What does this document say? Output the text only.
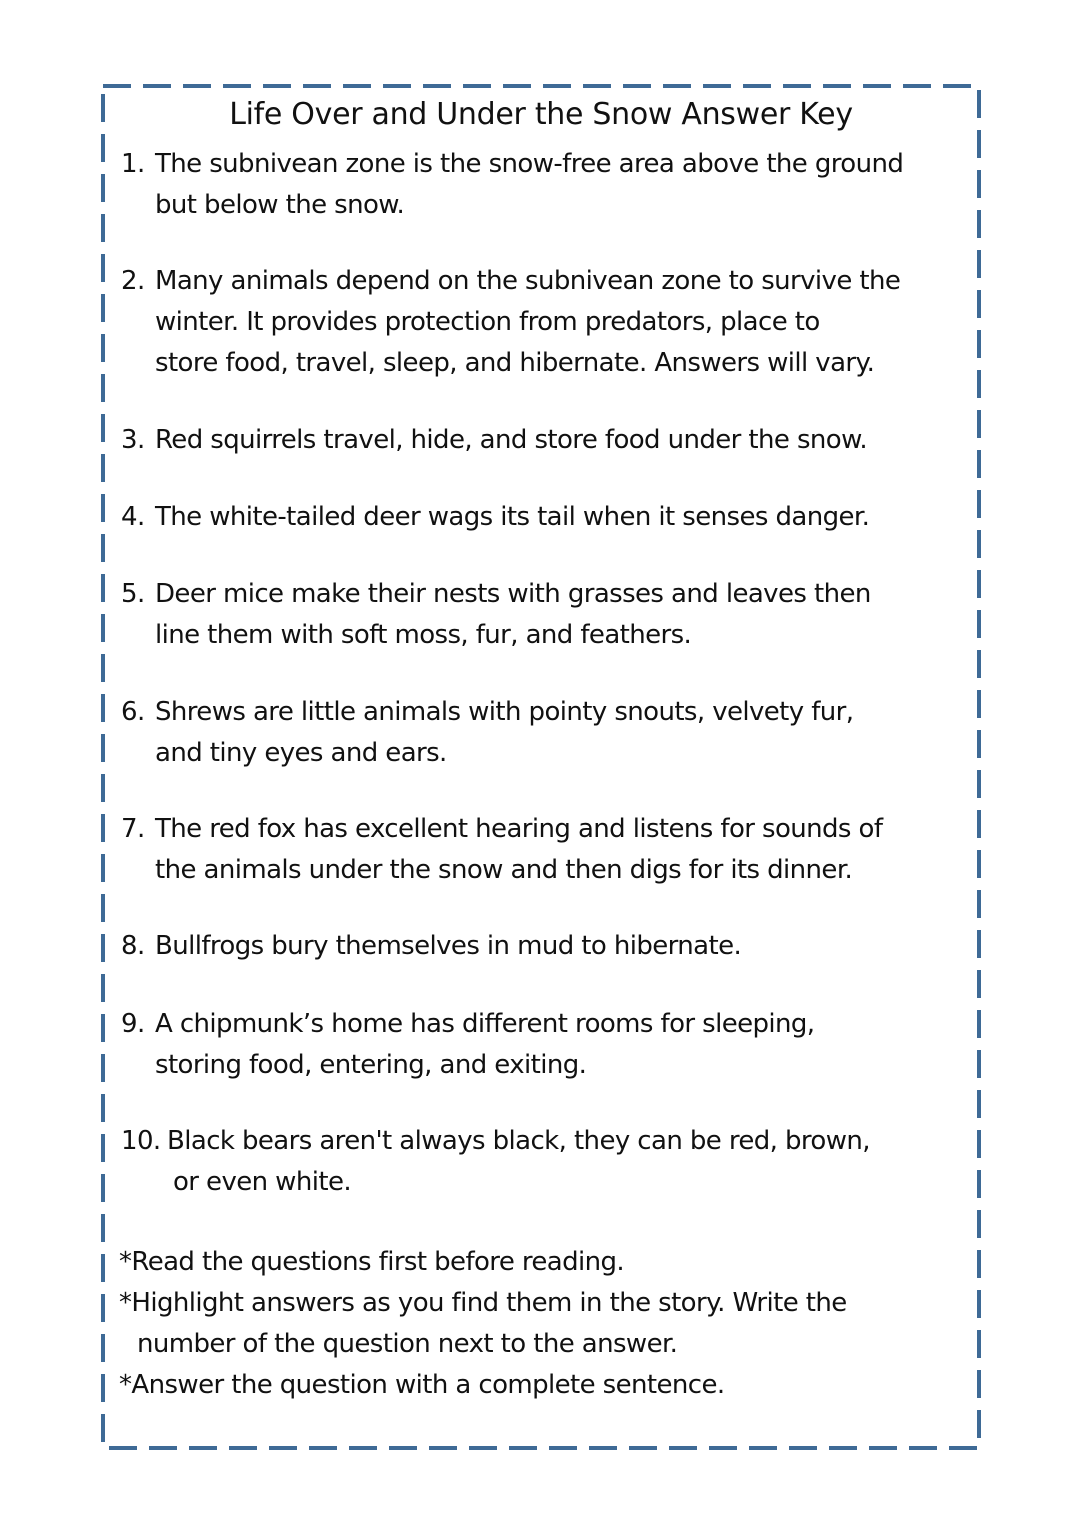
Life Over and Under the Snow Answer Key
1. The subnivean zone is the snow-free area above the ground
but below the snow.
2. Many animals depend on the subnivean zone to survive the
winter. It provides protection from predators, place to
store food, travel, sleep, and hibernate. Answers will vary.
3. Red squirrels travel, hide, and store food under the snow.
4. The white-tailed deer wags its tail when it senses danger.
5. Deer mice make their nests with grasses and leaves then
line them with soft moss, fur, and feathers.
6. Shrews are little animals with pointy snouts, velvety fur,
and tiny eyes and ears.
7. The red fox has excellent hearing and listens for sounds of
the animals under the snow and then digs for its dinner.
8. Bullfrogs bury themselves in mud to hibernate.
9. A chipmunk’s home has different rooms for sleeping,
storing food, entering, and exiting.
10. Black bears aren't always black, they can be red, brown,
or even white.
*Read the questions first before reading.
*Highlight answers as you find them in the story. Write the
number of the question next to the answer.
*Answer the question with a complete sentence.
